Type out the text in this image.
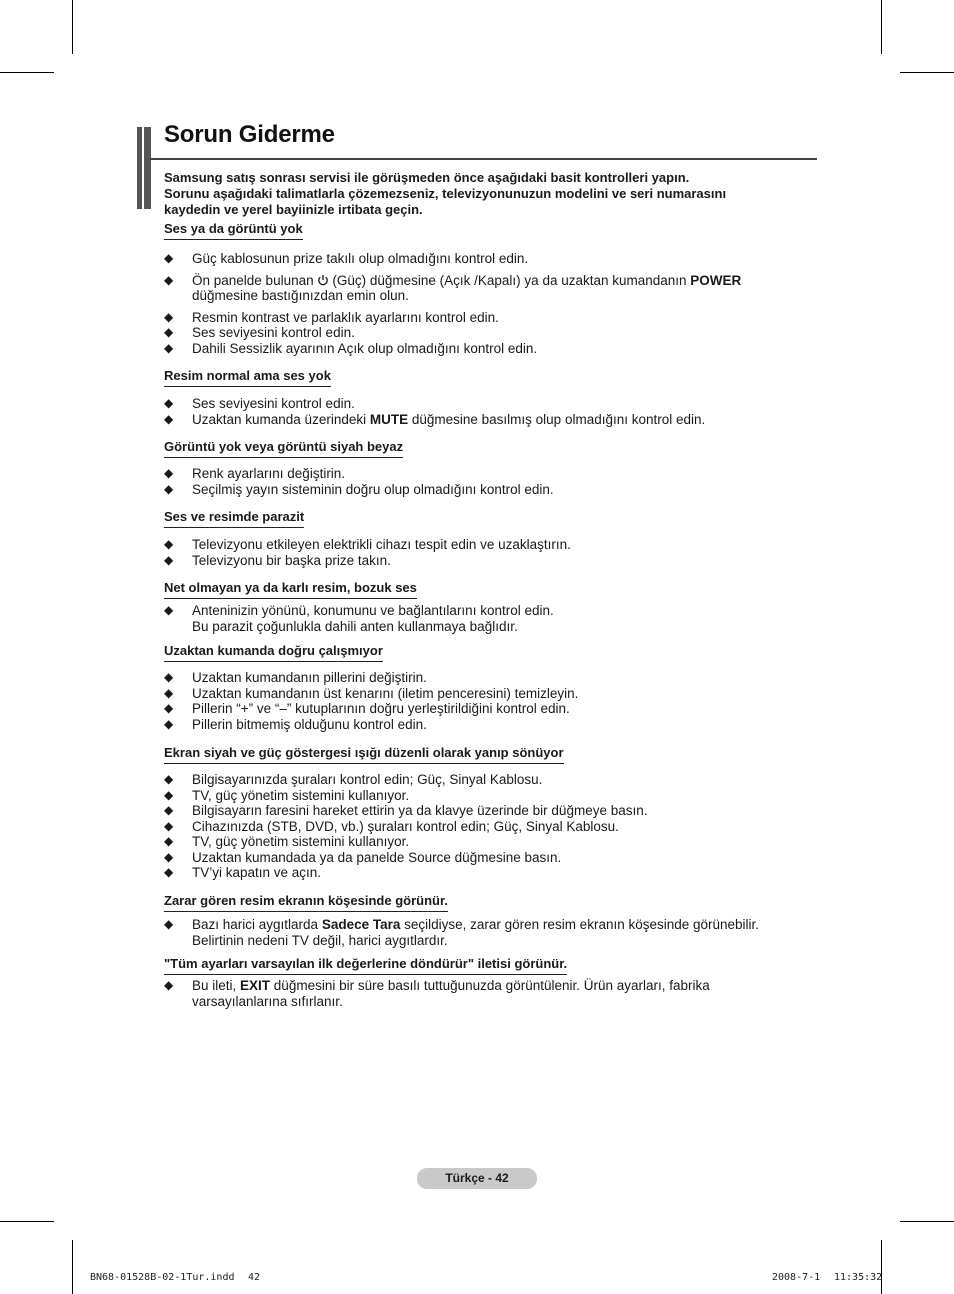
Sorun Giderme
Samsung satış sonrası servisi ile görüşmeden önce aşağıdaki basit kontrolleri yapın.
Sorunu aşağıdaki talimatlarla çözemezseniz, televizyonunuzun modelini ve seri numarasını
kaydedin ve yerel bayiinizle irtibata geçin.
Ses ya da görüntü yok
◆	Güç kablosunun prize takılı olup olmadığını kontrol edin.
◆	Ön panelde bulunan (Güç) düğmesine (Açık /Kapalı) ya da uzaktan kumandanın POWER
düğmesine bastığınızdan emin olun.
◆	Resmin kontrast ve parlaklık ayarlarını kontrol edin.
◆	Ses seviyesini kontrol edin.
◆	Dahili Sessizlik ayarının Açık olup olmadığını kontrol edin.
Resim normal ama ses yok
◆	Ses seviyesini kontrol edin.
◆	Uzaktan kumanda üzerindeki MUTE düğmesine basılmış olup olmadığını kontrol edin.
Görüntü yok veya görüntü siyah beyaz
◆	Renk ayarlarını değiştirin.
◆	Seçilmiş yayın sisteminin doğru olup olmadığını kontrol edin.
Ses ve resimde parazit
◆	Televizyonu etkileyen elektrikli cihazı tespit edin ve uzaklaştırın.
◆	Televizyonu bir başka prize takın.
Net olmayan ya da karlı resim, bozuk ses
◆	Anteninizin yönünü, konumunu ve bağlantılarını kontrol edin.
Bu parazit çoğunlukla dahili anten kullanmaya bağlıdır.
Uzaktan kumanda doğru çalışmıyor
◆	Uzaktan kumandanın pillerini değiştirin.
◆	Uzaktan kumandanın üst kenarını (iletim penceresini) temizleyin.
◆	Pillerin “+” ve “–” kutuplarının doğru yerleştirildiğini kontrol edin.
◆	Pillerin bitmemiş olduğunu kontrol edin.
Ekran siyah ve güç göstergesi ışığı düzenli olarak yanıp sönüyor
◆	Bilgisayarınızda şuraları kontrol edin; Güç, Sinyal Kablosu.
◆	TV, güç yönetim sistemini kullanıyor.
◆	Bilgisayarın faresini hareket ettirin ya da klavye üzerinde bir düğmeye basın.
◆	Cihazınızda (STB, DVD, vb.) şuraları kontrol edin; Güç, Sinyal Kablosu.
◆	TV, güç yönetim sistemini kullanıyor.
◆	Uzaktan kumandada ya da panelde Source düğmesine basın.
◆	TV’yi kapatın ve açın.
Zarar gören resim ekranın köşesinde görünür.
◆	Bazı harici aygıtlarda Sadece Tara seçildiyse, zarar gören resim ekranın köşesinde görünebilir.
Belirtinin nedeni TV değil, harici aygıtlardır.
"Tüm ayarları varsayılan ilk değerlerine döndürür" iletisi görünür.
◆	Bu ileti, EXIT düğmesini bir süre basılı tuttuğunuzda görüntülenir. Ürün ayarları, fabrika
varsayılanlarına sıfırlanır.
Türkçe - 42
BN68-01528B-02-1Tur.indd 42	2008-7-1 11:35:32
